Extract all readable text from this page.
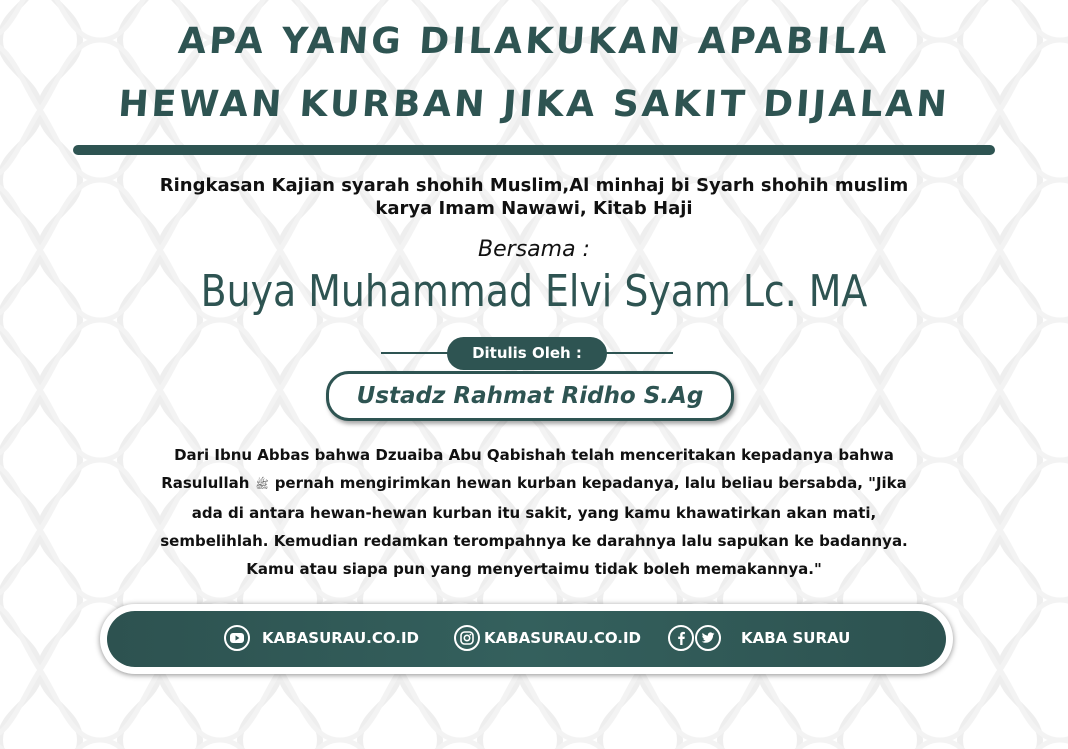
APA YANG DILAKUKAN APABILA
HEWAN KURBAN JIKA SAKIT DIJALAN
Ringkasan Kajian syarah shohih Muslim,Al minhaj bi Syarh shohih muslim
karya Imam Nawawi, Kitab Haji
Bersama :
Buya Muhammad Elvi Syam Lc. MA
Ditulis Oleh :
Ustadz Rahmat Ridho S.Ag
Dari Ibnu Abbas bahwa Dzuaiba Abu Qabishah telah menceritakan kepadanya bahwa
Rasulullah ﷺ pernah mengirimkan hewan kurban kepadanya, lalu beliau bersabda, "Jika
ada di antara hewan-hewan kurban itu sakit, yang kamu khawatirkan akan mati,
sembelihlah. Kemudian redamkan terompahnya ke darahnya lalu sapukan ke badannya.
Kamu atau siapa pun yang menyertaimu tidak boleh memakannya."
KABASURAU.CO.ID	KABASURAU.CO.ID	KABA SURAU
